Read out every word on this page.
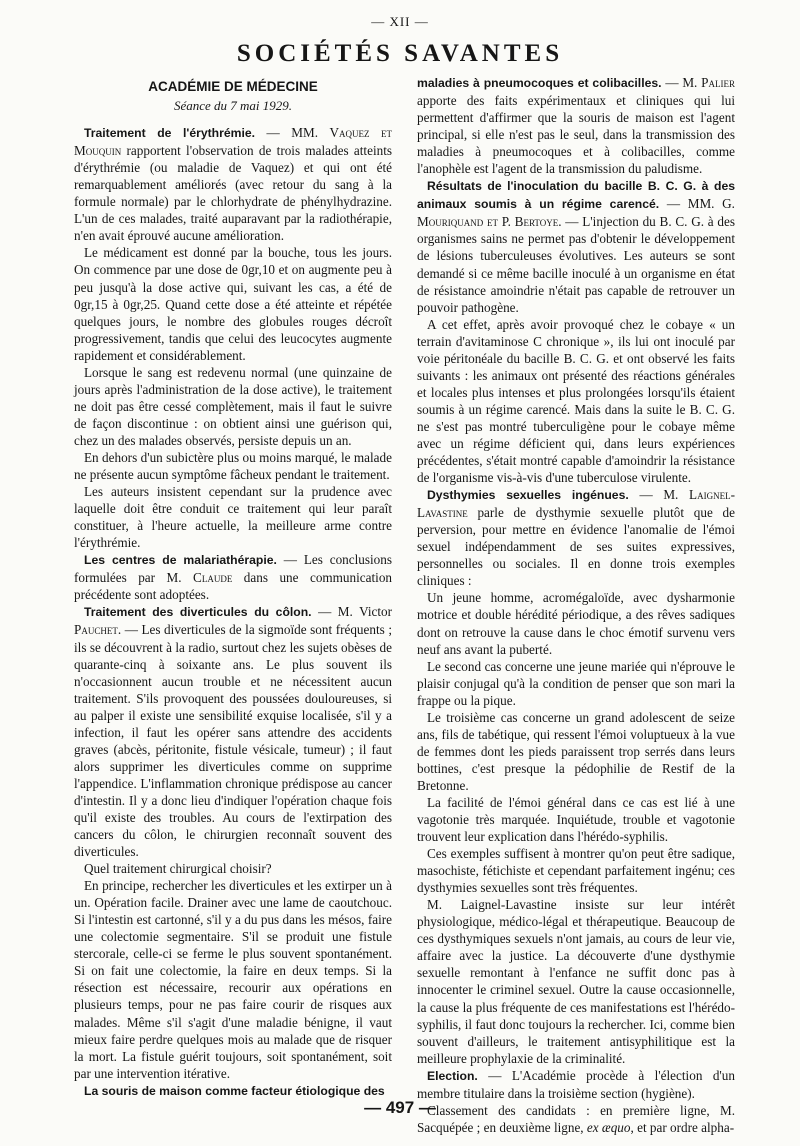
— XII —
SOCIÉTÉS SAVANTES
ACADÉMIE DE MÉDECINE
Séance du 7 mai 1929.

Traitement de l'érythrémie. — MM. Vaquez et Mouquin rapportent l'observation de trois malades atteints d'érythrémie (ou maladie de Vaquez) et qui ont été remarquablement améliorés (avec retour du sang à la formule normale) par le chlorhydrate de phénylhydrazine. L'un de ces malades, traité auparavant par la radiothérapie, n'en avait éprouvé aucune amélioration.

Le médicament est donné par la bouche, tous les jours. On commence par une dose de 0gr,10 et on augmente peu à peu jusqu'à la dose active qui, suivant les cas, a été de 0gr,15 à 0gr,25. Quand cette dose a été atteinte et répétée quelques jours, le nombre des globules rouges décroît progressivement, tandis que celui des leucocytes augmente rapidement et considérablement.

Lorsque le sang est redevenu normal (une quinzaine de jours après l'administration de la dose active), le traitement ne doit pas être cessé complètement, mais il faut le suivre de façon discontinue : on obtient ainsi une guérison qui, chez un des malades observés, persiste depuis un an.

En dehors d'un subictère plus ou moins marqué, le malade ne présente aucun symptôme fâcheux pendant le traitement.

Les auteurs insistent cependant sur la prudence avec laquelle doit être conduit ce traitement qui leur paraît constituer, à l'heure actuelle, la meilleure arme contre l'érythrémie.

Les centres de malariathérapie. — Les conclusions formulées par M. Claude dans une communication précédente sont adoptées.

Traitement des diverticules du côlon. — M. Victor Pauchet. — Les diverticules de la sigmoïde sont fréquents ; ils se découvrent à la radio, surtout chez les sujets obèses de quarante-cinq à soixante ans. Le plus souvent ils n'occasionnent aucun trouble et ne nécessitent aucun traitement. S'ils provoquent des poussées douloureuses, si au palper il existe une sensibilité exquise localisée, s'il y a infection, il faut les opérer sans attendre des accidents graves (abcès, péritonite, fistule vésicale, tumeur) ; il faut alors supprimer les diverticules comme on supprime l'appendice. L'inflammation chronique prédispose au cancer d'intestin. Il y a donc lieu d'indiquer l'opération chaque fois qu'il existe des troubles. Au cours de l'extirpation des cancers du côlon, le chirurgien reconnaît souvent des diverticules.

Quel traitement chirurgical choisir?

En principe, rechercher les diverticules et les extirper un à un. Opération facile. Drainer avec une lame de caoutchouc. Si l'intestin est cartonné, s'il y a du pus dans les mésos, faire une colectomie segmentaire. S'il se produit une fistule stercorale, celle-ci se ferme le plus souvent spontanément. Si on fait une colectomie, la faire en deux temps. Si la résection est nécessaire, recourir aux opérations en plusieurs temps, pour ne pas faire courir de risques aux malades. Même s'il s'agit d'une maladie bénigne, il vaut mieux faire perdre quelques mois au malade que de risquer la mort. La fistule guérit toujours, soit spontanément, soit par une intervention itérative.

La souris de maison comme facteur étiologique des

maladies à pneumocoques et colibacilles. — M. Palier apporte des faits expérimentaux et cliniques qui lui permettent d'affirmer que la souris de maison est l'agent principal, si elle n'est pas le seul, dans la transmission des maladies à pneumocoques et à colibacilles, comme l'anophèle est l'agent de la transmission du paludisme.

Résultats de l'inoculation du bacille B. C. G. à des animaux soumis à un régime carencé. — MM. G. Mouriquand et P. Bertoye. — L'injection du B. C. G. à des organismes sains ne permet pas d'obtenir le développement de lésions tuberculeuses évolutives. Les auteurs se sont demandé si ce même bacille inoculé à un organisme en état de résistance amoindrie n'était pas capable de retrouver un pouvoir pathogène.

A cet effet, après avoir provoqué chez le cobaye « un terrain d'avitaminose C chronique », ils lui ont inoculé par voie péritonéale du bacille B. C. G. et ont observé les faits suivants : les animaux ont présenté des réactions générales et locales plus intenses et plus prolongées lorsqu'ils étaient soumis à un régime carencé. Mais dans la suite le B. C. G. ne s'est pas montré tuberculigène pour le cobaye même avec un régime déficient qui, dans leurs expériences précédentes, s'était montré capable d'amoindrir la résistance de l'organisme vis-à-vis d'une tuberculose virulente.

Dysthymies sexuelles ingénues. — M. Laignel-Lavastine parle de dysthymie sexuelle plutôt que de perversion, pour mettre en évidence l'anomalie de l'émoi sexuel indépendamment de ses suites expressives, personnelles ou sociales. Il en donne trois exemples cliniques :

Un jeune homme, acromégaloïde, avec dysharmonie motrice et double hérédité périodique, a des rêves sadiques dont on retrouve la cause dans le choc émotif survenu vers neuf ans avant la puberté.

Le second cas concerne une jeune mariée qui n'éprouve le plaisir conjugal qu'à la condition de penser que son mari la frappe ou la pique.

Le troisième cas concerne un grand adolescent de seize ans, fils de tabétique, qui ressent l'émoi voluptueux à la vue de femmes dont les pieds paraissent trop serrés dans leurs bottines, c'est presque la pédophilie de Restif de la Bretonne.

La facilité de l'émoi général dans ce cas est lié à une vagotonie très marquée. Inquiétude, trouble et vagotonie trouvent leur explication dans l'hérédo-syphilis.

Ces exemples suffisent à montrer qu'on peut être sadique, masochiste, fétichiste et cependant parfaitement ingénu; ces dysthymies sexuelles sont très fréquentes.

M. Laignel-Lavastine insiste sur leur intérêt physiologique, médico-légal et thérapeutique. Beaucoup de ces dysthymiques sexuels n'ont jamais, au cours de leur vie, affaire avec la justice. La découverte d'une dysthymie sexuelle remontant à l'enfance ne suffit donc pas à innocenter le criminel sexuel. Outre la cause occasionnelle, la cause la plus fréquente de ces manifestations est l'hérédo-syphilis, il faut donc toujours la rechercher. Ici, comme bien souvent d'ailleurs, le traitement antisyphilitique est la meilleure prophylaxie de la criminalité.

Election. — L'Académie procède à l'élection d'un membre titulaire dans la troisième section (hygiène).

Classement des candidats : en première ligne, M. Sacquépée ; en deuxième ligne, ex æquo, et par ordre alpha-

— 497 —
